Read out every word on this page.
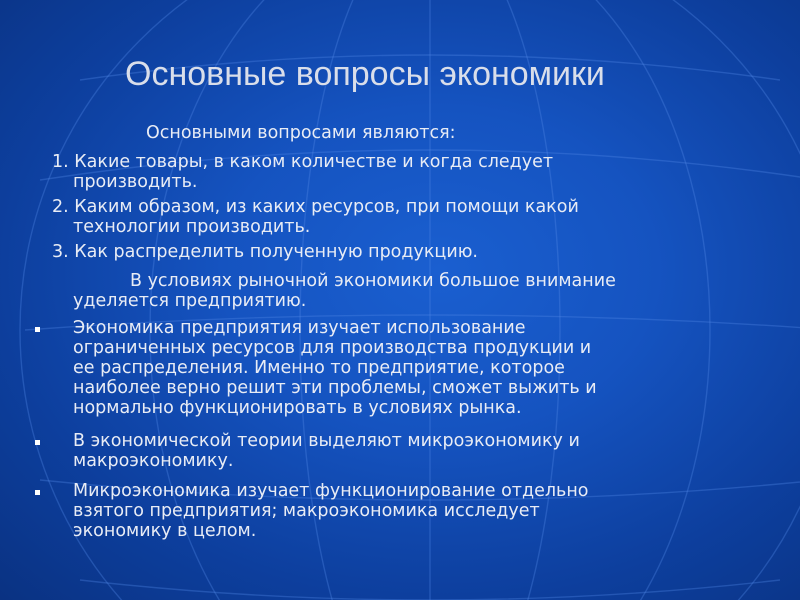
Основные вопросы экономики
Основными вопросами являются:
1. Какие товары, в каком количестве и когда следует
производить.
2. Каким образом, из каких ресурсов, при помощи какой
технологии производить.
3. Как распределить полученную продукцию.
В условиях рыночной экономики большое внимание
уделяется предприятию.
Экономика предприятия изучает использование
ограниченных ресурсов для производства продукции и
ее распределения. Именно то предприятие, которое
наиболее верно решит эти проблемы, сможет выжить и
нормально функционировать в условиях рынка.
В экономической теории выделяют микроэкономику и
макроэкономику.
Микроэкономика изучает функционирование отдельно
взятого предприятия; макроэкономика исследует
экономику в целом.
